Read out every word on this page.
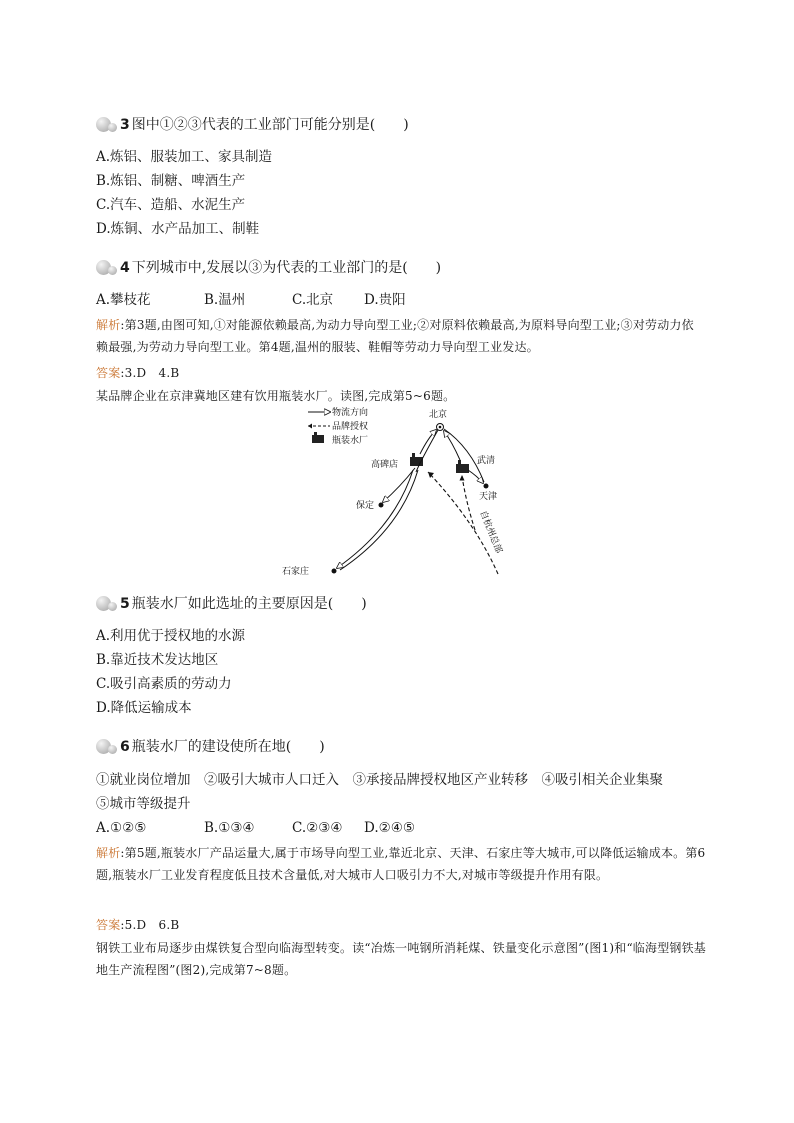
3 图中①②③代表的工业部门可能分别是(　　)
A.炼铝、服装加工、家具制造
B.炼铝、制糖、啤酒生产
C.汽车、造船、水泥生产
D.炼铜、水产品加工、制鞋
4 下列城市中,发展以③为代表的工业部门的是(　　)
A.攀枝花	B.温州	C.北京	D.贵阳
解析:第3题,由图可知,①对能源依赖最高,为动力导向型工业;②对原料依赖最高,为原料导向型工业;③对劳动力依赖最强,为劳动力导向型工业。第4题,温州的服装、鞋帽等劳动力导向型工业发达。
答案:3.D　4.B
某品牌企业在京津冀地区建有饮用瓶装水厂。读图,完成第5~6题。
物流方向
品牌授权
瓶装水厂
北京
高碑店	武清
天津
保定
石家庄
自杭州总部
5 瓶装水厂如此选址的主要原因是(　　)
A.利用优于授权地的水源
B.靠近技术发达地区
C.吸引高素质的劳动力
D.降低运输成本
6 瓶装水厂的建设使所在地(　　)
①就业岗位增加　②吸引大城市人口迁入　③承接品牌授权地区产业转移　④吸引相关企业集聚
⑤城市等级提升
A.①②⑤	B.①③④	C.②③④	D.②④⑤
解析:第5题,瓶装水厂产品运量大,属于市场导向型工业,靠近北京、天津、石家庄等大城市,可以降低运输成本。第6题,瓶装水厂工业发育程度低且技术含量低,对大城市人口吸引力不大,对城市等级提升作用有限。
答案:5.D　6.B
钢铁工业布局逐步由煤铁复合型向临海型转变。读“冶炼一吨钢所消耗煤、铁量变化示意图”(图1)和“临海型钢铁基地生产流程图”(图2),完成第7~8题。
